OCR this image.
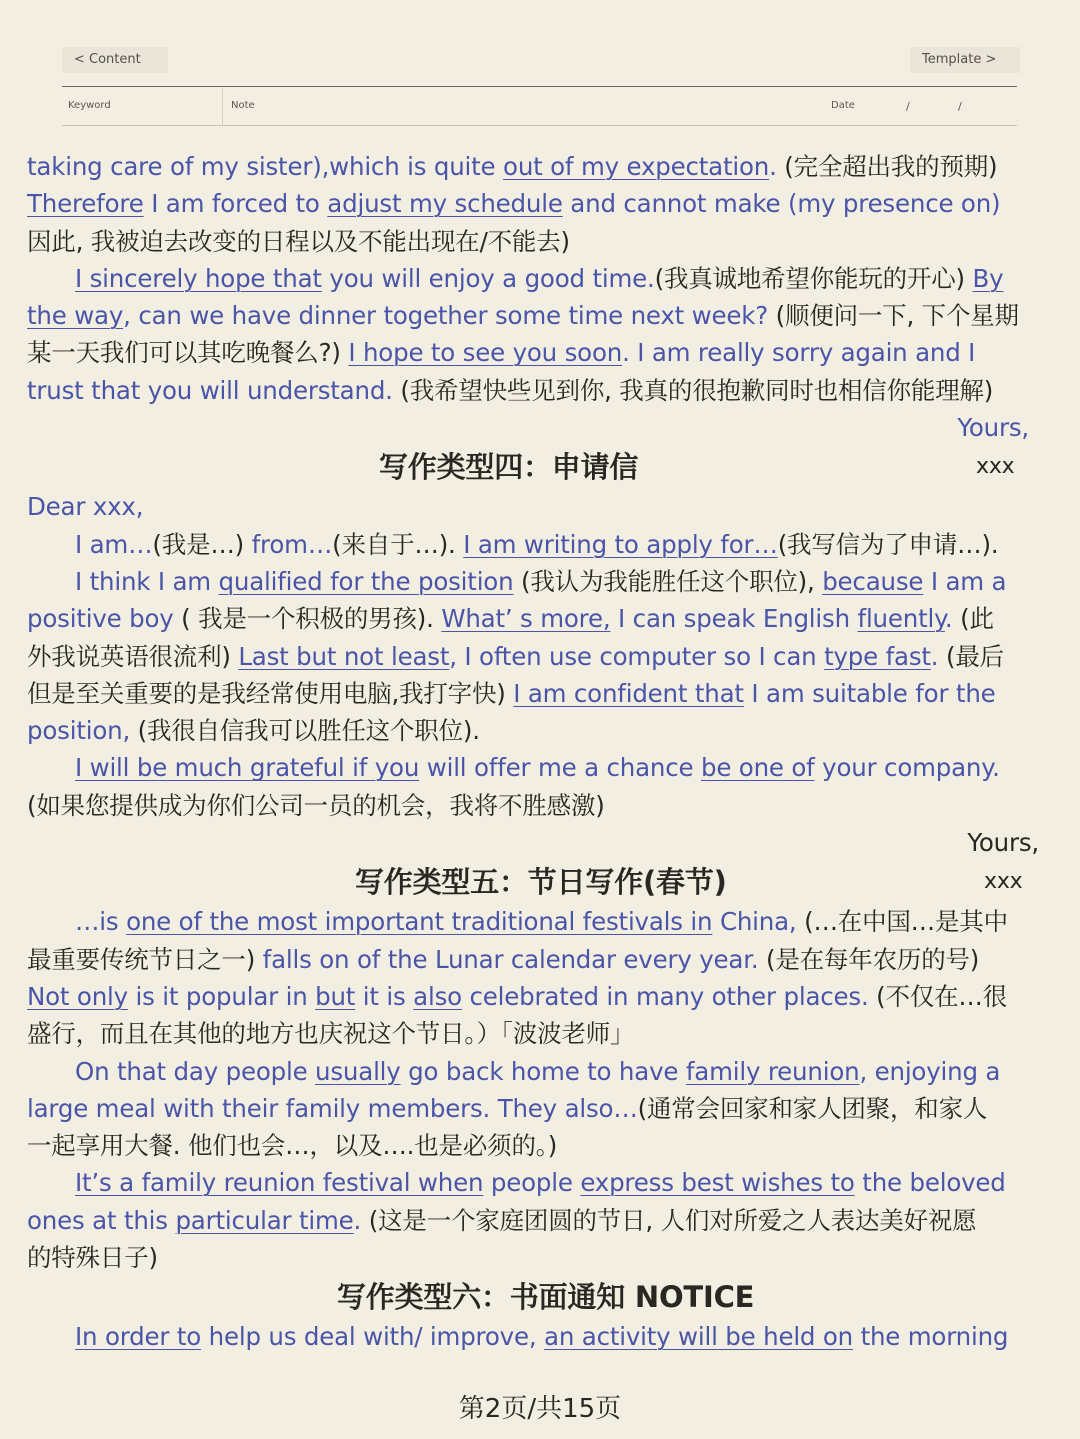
< Content	Template >
Keyword	Note	Date	/	/
taking care of my sister),which is quite out of my expectation. (完全超出我的预期)
Therefore I am forced to adjust my schedule and cannot make (my presence on)
因此, 我被迫去改变的日程以及不能出现在/不能去)
I sincerely hope that you will enjoy a good time.(我真诚地希望你能玩的开心) By
the way, can we have dinner together some time next week? (顺便问一下, 下个星期
某一天我们可以其吃晚餐么?) I hope to see you soon. I am really sorry again and I
trust that you will understand. (我希望快些见到你, 我真的很抱歉同时也相信你能理解)
Yours,
写作类型四：申请信	xxx
Dear xxx,
I am…(我是…) from…(来自于…). I am writing to apply for…(我写信为了申请…).
I think I am qualified for the position (我认为我能胜任这个职位), because I am a
positive boy ( 我是一个积极的男孩). What’ s more, I can speak English fluently. (此
外我说英语很流利) Last but not least, I often use computer so I can type fast. (最后
但是至关重要的是我经常使用电脑,我打字快) I am confident that I am suitable for the
position, (我很自信我可以胜任这个职位).
I will be much grateful if you will offer me a chance be one of your company.
(如果您提供成为你们公司一员的机会，我将不胜感激)
Yours,
写作类型五：节日写作(春节)	xxx
…is one of the most important traditional festivals in China, (…在中国…是其中
最重要传统节日之一) falls on of the Lunar calendar every year. (是在每年农历的号)
Not only is it popular in but it is also celebrated in many other places. (不仅在…很
盛行，而且在其他的地方也庆祝这个节日。）「波波老师」
On that day people usually go back home to have family reunion, enjoying a
large meal with their family members. They also…(通常会回家和家人团聚，和家人
一起享用大餐. 他们也会…，以及….也是必须的。)
It’s a family reunion festival when people express best wishes to the beloved
ones at this particular time. (这是一个家庭团圆的节日, 人们对所爱之人表达美好祝愿
的特殊日子)
写作类型六：书面通知 NOTICE
In order to help us deal with/ improve, an activity will be held on the morning
第2页/共15页
